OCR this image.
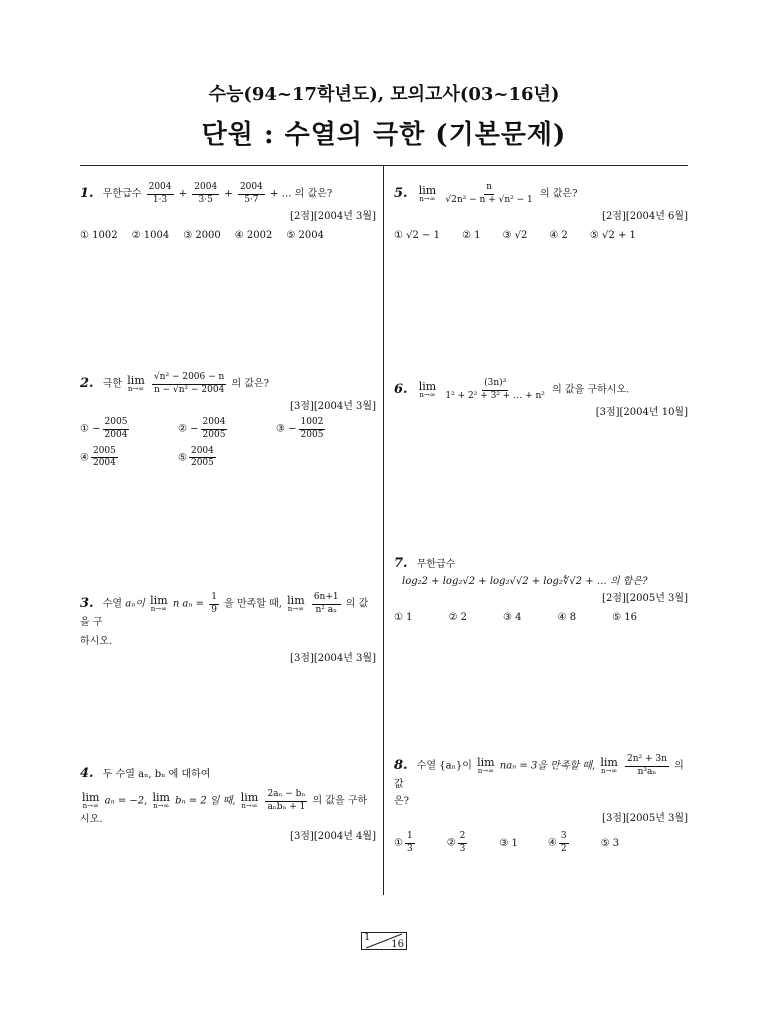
수능(94~17학년도), 모의고사(03~16년)
단원 : 수열의 극한 (기본문제)
1. 무한급수 $\frac{2004}{1\cdot 3} + \frac{2004}{3\cdot 5} + \frac{2004}{5\cdot 7}$ + … 의 값은?
[2점][2004년 3월]
① 1002 ② 1004 ③ 2000 ④ 2002 ⑤ 2004
2. 극한 lim
n→∞
$\frac{\text{√n² − 2006 − n}}{\text{n − √n² − 2004}}$ 의 값은?
[3점][2004년 3월]
① − $\frac{2005}{2004}$	② − $\frac{2004}{2005}$	③ − $\frac{1002}{2005}$
④ $\frac{2005}{2004}$	⑤ $\frac{2004}{2005}$
3. 수열 aₙ이 lim
n→∞ n $a_n = \frac{1}{9}$ 을 만족할 때, lim
n→∞
$\frac{6n+1}{\text{n² aₙ}}$ 의 값을 구
하시오.
[3점][2004년 3월]
4. 두 수열 aₙ, bₙ 에 대하여
lim
n→∞ aₙ = −2, lim
n→∞ bₙ = 2 일 때, lim
n→∞
$\frac{\text{2aₙ − bₙ}}{\text{aₙbₙ + 1}}$ 의 값을 구하시오.
[3점][2004년 4월]
5. lim
n→∞
$\frac{n}{\text{√2n² − n + √n² − 1}}$ 의 값은?
[2점][2004년 6월]
① √2 − 1 ② 1 ③ √2 ④ 2 ⑤ √2 + 1
6. lim
n→∞
$\frac{\text{(3n)³}}{\text{1² + 2² + 3² + … + n²}}$ 의 값을 구하시오.
[3점][2004년 10월]
7. 무한급수
log₂2 + log₂√2 + log₂√√2 + log₂∜√2 + … 의 합은?
[2점][2005년 3월]
① 1	② 2	③ 4	④ 8	⑤ 16
8. 수열 {aₙ}이 lim
n→∞ naₙ = 3을 만족할 때, lim
n→∞
$\frac{\text{2n² + 3n}}{\text{n³aₙ}}$ 의 값
은?
[3점][2005년 3월]
① $\frac{1}{3}$	② $\frac{2}{3}$	③ 1	④ $\frac{3}{2}$	⑤ 3
1
16
